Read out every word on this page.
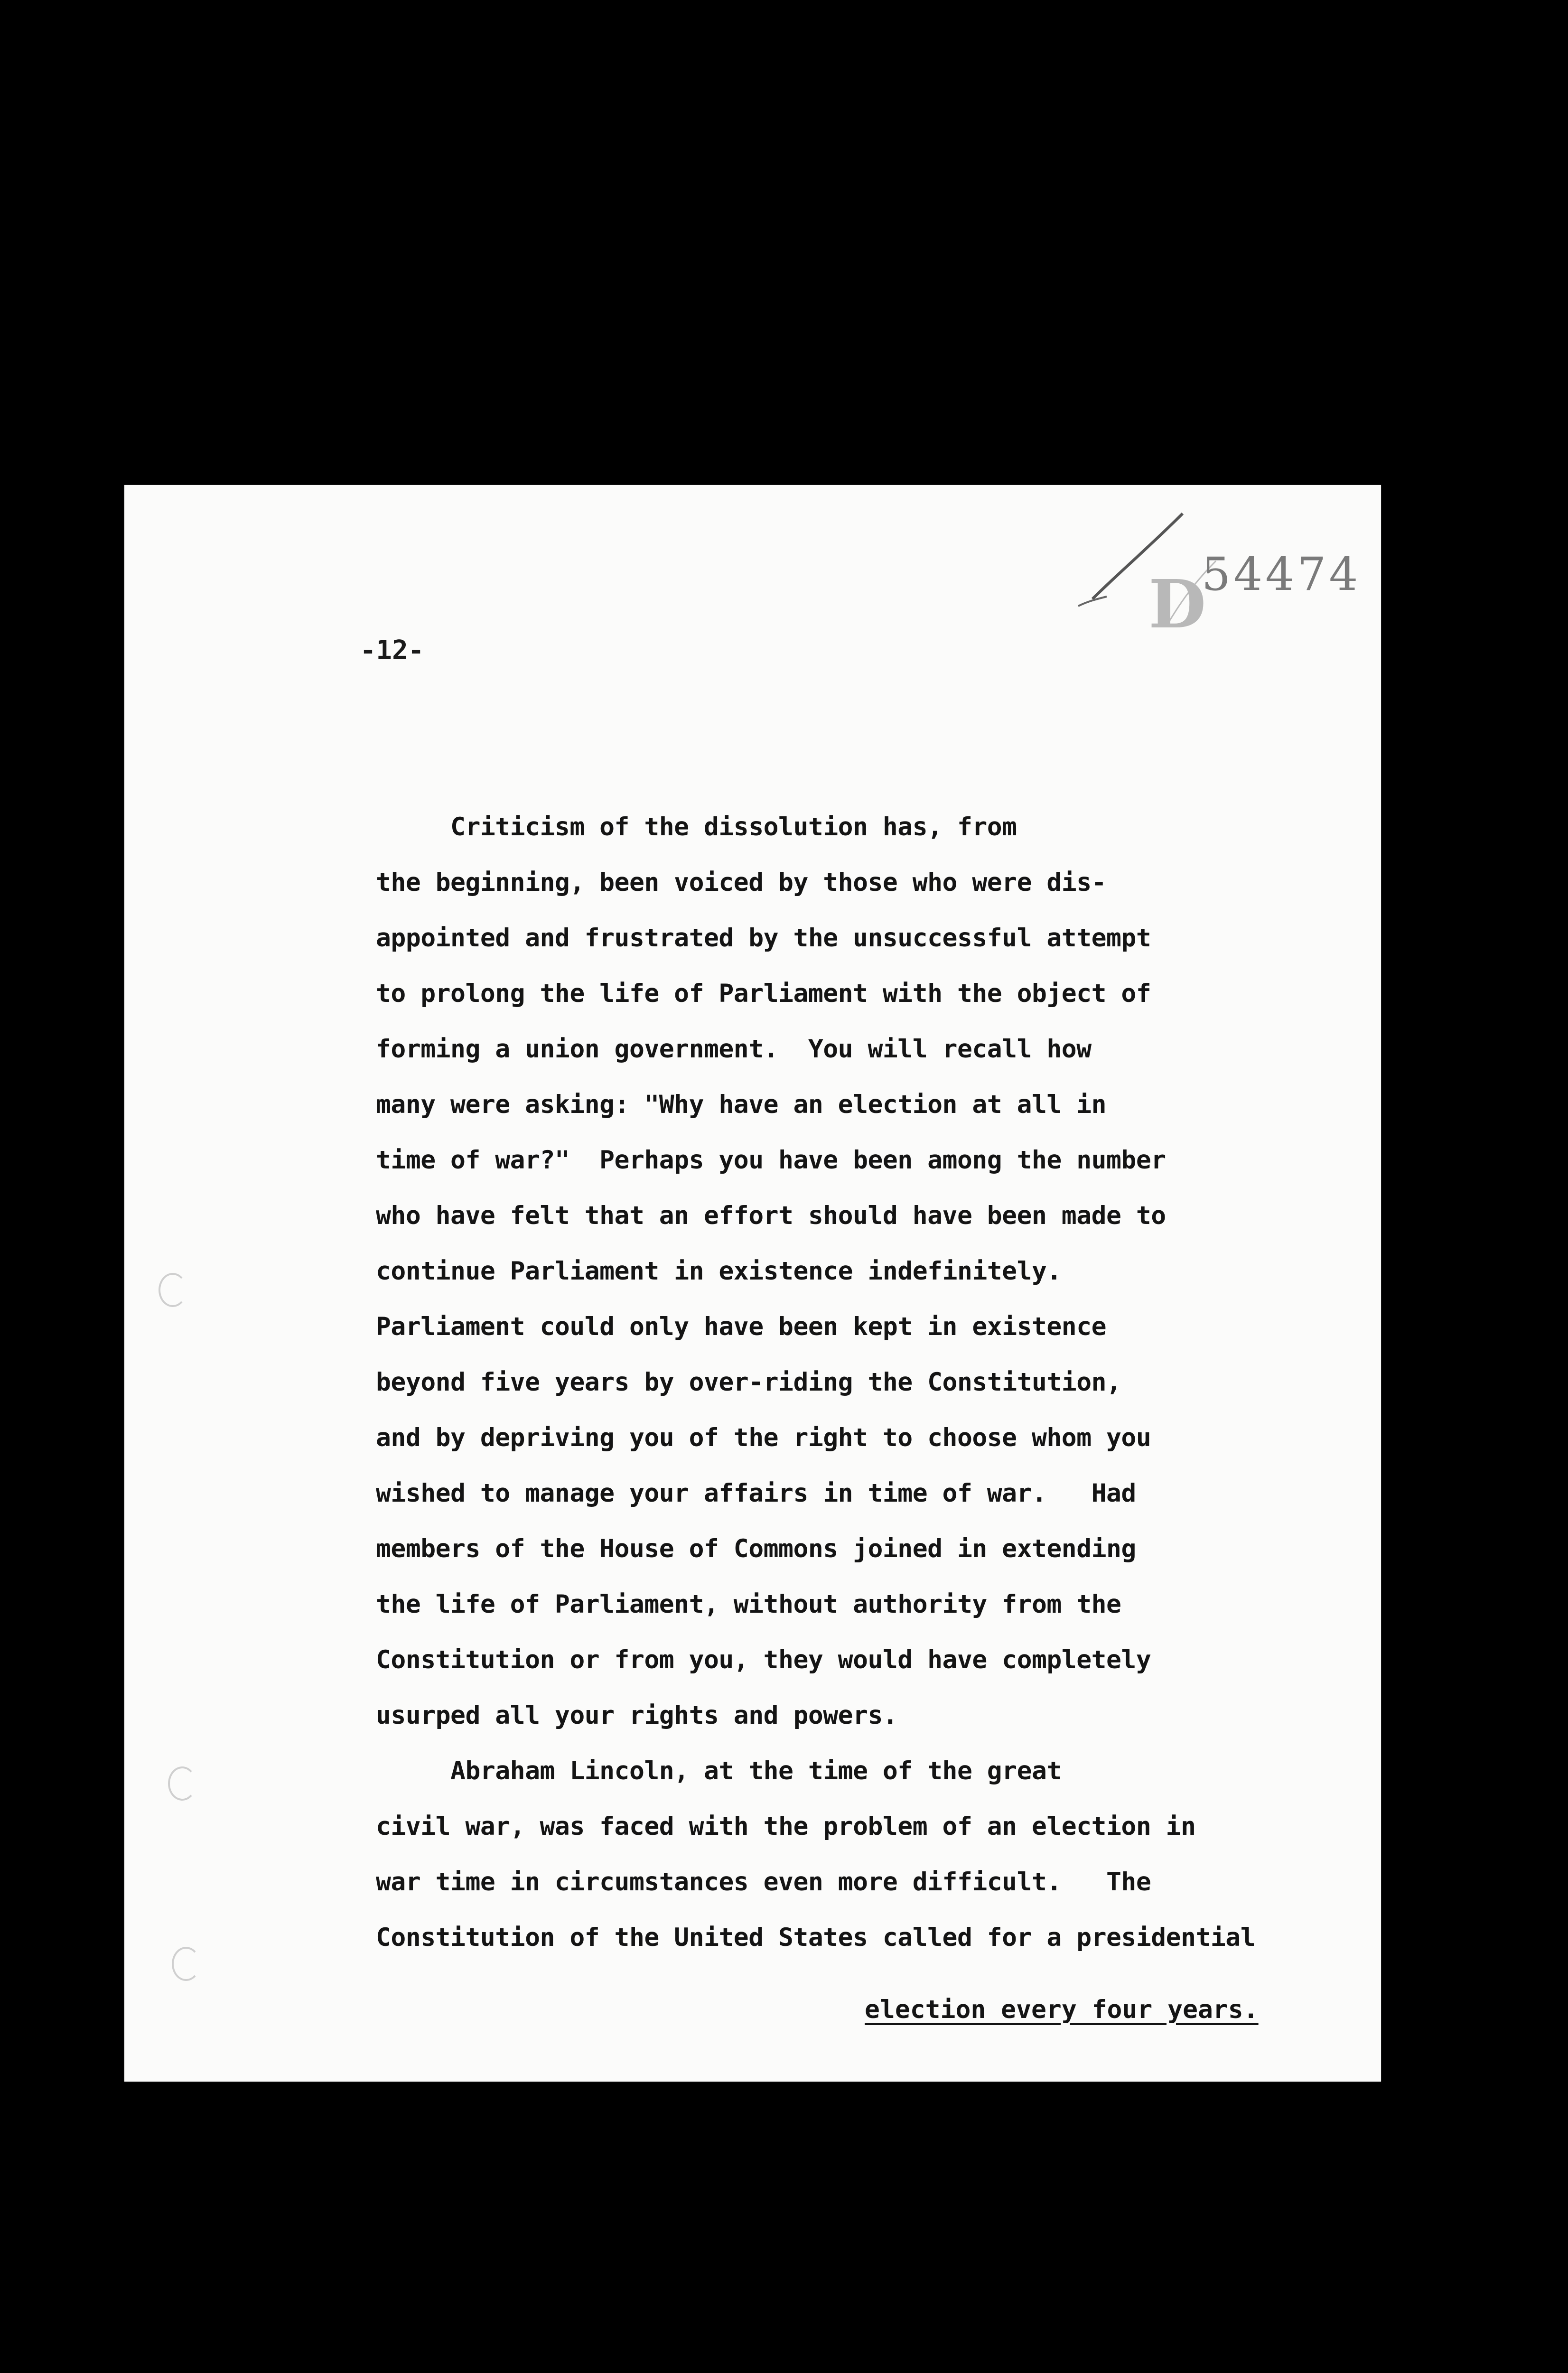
D
54474
-12-
Criticism of the dissolution has, from
the beginning, been voiced by those who were dis-
appointed and frustrated by the unsuccessful attempt
to prolong the life of Parliament with the object of
forming a union government.  You will recall how
many were asking: "Why have an election at all in
time of war?"  Perhaps you have been among the number
who have felt that an effort should have been made to
continue Parliament in existence indefinitely.
Parliament could only have been kept in existence
beyond five years by over-riding the Constitution,
and by depriving you of the right to choose whom you
wished to manage your affairs in time of war.   Had
members of the House of Commons joined in extending
the life of Parliament, without authority from the
Constitution or from you, they would have completely
usurped all your rights and powers.
Abraham Lincoln, at the time of the great
civil war, was faced with the problem of an election in
war time in circumstances even more difficult.   The
Constitution of the United States called for a presidential
election every four years.
